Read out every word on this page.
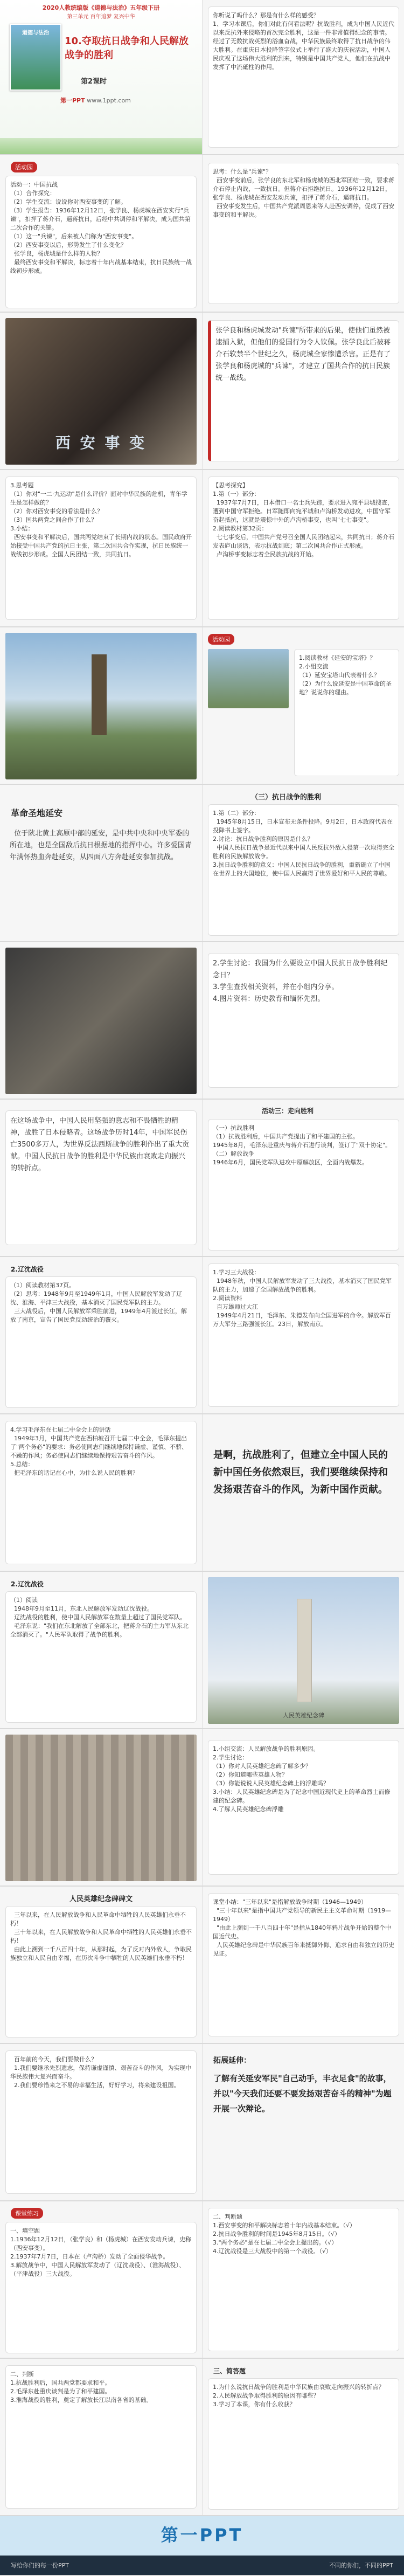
2020人教统编版《道德与法治》五年级下册
第三单元 百年追梦 复兴中华
道德与法治
10.夺取抗日战争和人民解放战争的胜利
第2课时
第一PPT www.1ppt.com
你听说了吗什么？那是有什么样的感受？
1、学习本课后，你们对此有何看法呢？抗战胜利，成为中国人民近代以来反抗外来侵略的首次完全胜利，这是一件非常值得纪念的事情。经过了无数抗战英烈的浴血奋战，中华民族最终取得了抗日战争的伟大胜利。在重庆日本投降签字仪式上举行了盛大的庆祝活动，中国人民庆祝了这场伟大胜利的到来，特别是中国共产党人，他们在抗战中发挥了中流砥柱的作用。
活动园
活动一：中国抗战
（1）合作探究：
（2）学生交流：说说你对西安事变的了解。
（3）学生报告：1936年12月12日，张学良、杨虎城在西安实行"兵谏"，扣押了蒋介石，逼蒋抗日，后经中共调停和平解决，成为国共第二次合作的关键。
（1）这一"兵谏"，后来被人们称为"西安事变"。
（2）西安事变以后，形势发生了什么变化？
张学良，杨虎城是什么样的人物？
最终西安事变和平解决，标志着十年内战基本结束，抗日民族统一战线初步形成。
思考：什么是"兵谏"？
西安事变前后，张学良的东北军和杨虎城的西北军团结一致，要求蒋介石停止内战，一致抗日。但蒋介石拒绝抗日。1936年12月12日，张学良、杨虎城在西安发动兵谏，扣押了蒋介石，逼蒋抗日。
西安事变发生后，中国共产党派周恩来等人赴西安调停，促成了西安事变的和平解决。
西 安 事 变
张学良和杨虎城发动"兵谏"所带来的后果，使他们虽然被逮捕入狱，但他们的爱国行为令人钦佩。张学良此后被蒋介石软禁半个世纪之久，杨虎城全家惨遭杀害。正是有了张学良和杨虎城的"兵谏"，才建立了国共合作的抗日民族统一战线。
3.思考题
（1）你对"一二·九运动"是什么评价？面对中华民族的危机，青年学生是怎样做的？
（2）你对西安事变的看法是什么？
（3）国共两党之间合作了什么？
3.小结：
西安事变和平解决后，国共两党结束了长期内战的状态。国民政府开始接受中国共产党的抗日主张，第二次国共合作实现，抗日民族统一战线初步形成。全国人民团结一致，共同抗日。
【思考探究】
1.第（一）部分：
1937年7月7日，日本借口一名士兵失踪，要求进入宛平县城搜查，遭到中国守军拒绝。日军随即向宛平城和卢沟桥发动进攻，中国守军奋起抵抗，这就是震惊中外的卢沟桥事变，也叫"七七事变"。
2.阅读教材第32页：
七七事变后，中国共产党号召全国人民团结起来，共同抗日；蒋介石发表庐山谈话，表示抗战到底；第二次国共合作正式形成。
卢沟桥事变标志着全民族抗战的开始。
活动园
1.阅读教材《延安的宝塔》？
2.小组交流
（1）延安宝塔山代表着什么？
（2）为什么说延安是中国革命的圣地？说说你的理由。
革命圣地延安
位于陕北黄土高原中部的延安，是中共中央和中央军委的所在地，也是全国敌后抗日根据地的指挥中心。许多爱国青年满怀热血奔赴延安，从四面八方奔赴延安参加抗战。
（三）抗日战争的胜利
1.第（二）部分：
1945年8月15日，日本宣布无条件投降。9月2日，日本政府代表在投降书上签字。
2.讨论：抗日战争胜利的原因是什么？
中国人民抗日战争是近代以来中国人民反抗外敌入侵第一次取得完全胜利的民族解放战争。
3.抗日战争胜利的意义：中国人民抗日战争的胜利，重新确立了中国在世界上的大国地位，使中国人民赢得了世界爱好和平人民的尊敬。
2.学生讨论：我国为什么要设立中国人民抗日战争胜利纪念日？
3.学生查找相关资料，并在小组内分享。
4.图片资料：历史教育和缅怀先烈。
在这场战争中，中国人民用坚强的意志和不畏牺牲的精神，战胜了日本侵略者。这场战争历时14年，中国军民伤亡3500多万人，为世界反法西斯战争的胜利作出了重大贡献。中国人民抗日战争的胜利是中华民族由衰败走向振兴的转折点。
活动三：走向胜利
（一）抗战胜利
（1）抗战胜利后，中国共产党提出了和平建国的主张。
1945年8月，毛泽东赴重庆与蒋介石进行谈判，签订了"双十协定"。
（二）解放战争
1946年6月，国民党军队进攻中原解放区，全面内战爆发。
2.辽沈战役
（1）阅读教材第37页。
（2）思考：1948年9月至1949年1月，中国人民解放军发动了辽沈、淮海、平津三大战役，基本消灭了国民党军队的主力。
三大战役后，中国人民解放军乘胜前进，1949年4月渡过长江，解放了南京，宣告了国民党反动统治的覆灭。
1.学习三大战役：
1948年秋，中国人民解放军发动了三大战役，基本消灭了国民党军队的主力，加速了全国解放战争的胜利。
2.阅读资料
百万雄师过大江
1949年4月21日，毛泽东、朱德发布向全国进军的命令。解放军百万大军分三路强渡长江。23日，解放南京。
4.学习毛泽东在七届二中全会上的讲话
1949年3月，中国共产党在西柏坡召开七届二中全会，毛泽东提出了"两个务必"的要求：务必使同志们继续地保持谦虚、谨慎、不骄、不躁的作风；务必使同志们继续地保持艰苦奋斗的作风。
5.总结：
把毛泽东的话记在心中，为什么说人民的胜利？
是啊，抗战胜利了，但建立全中国人民的新中国任务依然艰巨，我们要继续保持和发扬艰苦奋斗的作风，为新中国作贡献。
2.辽沈战役
（1）阅读
1948年9月至11月，东北人民解放军发动辽沈战役。
辽沈战役的胜利，使中国人民解放军在数量上超过了国民党军队。
毛泽东说："我们在东北解放了全部东北，把蒋介石的主力军从东北全部消灭了。"人民军队取得了战争的胜利。
人民英雄纪念碑
1.小组交流：人民解放战争的胜利原因。
2.学生讨论：
（1）你对人民英雄纪念碑了解多少？
（2）你知道哪些英雄人物？
（3）你能说说人民英雄纪念碑上的浮雕吗？
3.小结：人民英雄纪念碑是为了纪念中国近现代史上的革命烈士而修建的纪念碑。
4.了解人民英雄纪念碑浮雕
人民英雄纪念碑碑文
三年以来，在人民解放战争和人民革命中牺牲的人民英雄们永垂不朽！
三十年以来，在人民解放战争和人民革命中牺牲的人民英雄们永垂不朽！
由此上溯到一千八百四十年，从那时起，为了反对内外敌人，争取民族独立和人民自由幸福，在历次斗争中牺牲的人民英雄们永垂不朽！
课堂小结："三年以来"是指解放战争时期（1946—1949）
"三十年以来"是指中国共产党领导的新民主主义革命时期（1919—1949）
"由此上溯到一千八百四十年"是指从1840年鸦片战争开始的整个中国近代史。
人民英雄纪念碑是中华民族百年来抵御外侮、追求自由和独立的历史见证。
百年前的今天，我们要做什么？
1.我们要继承先烈遗志，保持谦虚谨慎、艰苦奋斗的作风，为实现中华民族伟大复兴而奋斗。
2.我们要珍惜来之不易的幸福生活，好好学习，将来建设祖国。
拓展延伸：
了解有关延安军民"自己动手，丰衣足食"的故事，并以"今天我们还要不要发扬艰苦奋斗的精神"为题开展一次辩论。
课堂练习
一、填空题
1.1936年12月12日，（张学良）和（杨虎城）在西安发动兵谏，史称（西安事变）。
2.1937年7月7日，日本在（卢沟桥）发动了全面侵华战争。
3.解放战争中，中国人民解放军发动了（辽沈战役）、（淮海战役）、（平津战役）三大战役。
二、判断题
1.西安事变的和平解决标志着十年内战基本结束。（√）
2.抗日战争胜利的时间是1945年8月15日。（√）
3."两个务必"是在七届二中全会上提出的。（√）
4.辽沈战役是三大战役中的第一个战役。（√）
二、判断
1.抗战胜利后，国共两党都要求和平。
2.毛泽东赴重庆谈判是为了和平建国。
3.淮海战役的胜利，奠定了解放长江以南各省的基础。
三、简答题
1.为什么说抗日战争的胜利是中华民族由衰败走向振兴的转折点？
2.人民解放战争取得胜利的原因有哪些？
3.学习了本课，你有什么收获？
第一PPT
写给你们的每一份PPT	不同的你们，不同的PPT
